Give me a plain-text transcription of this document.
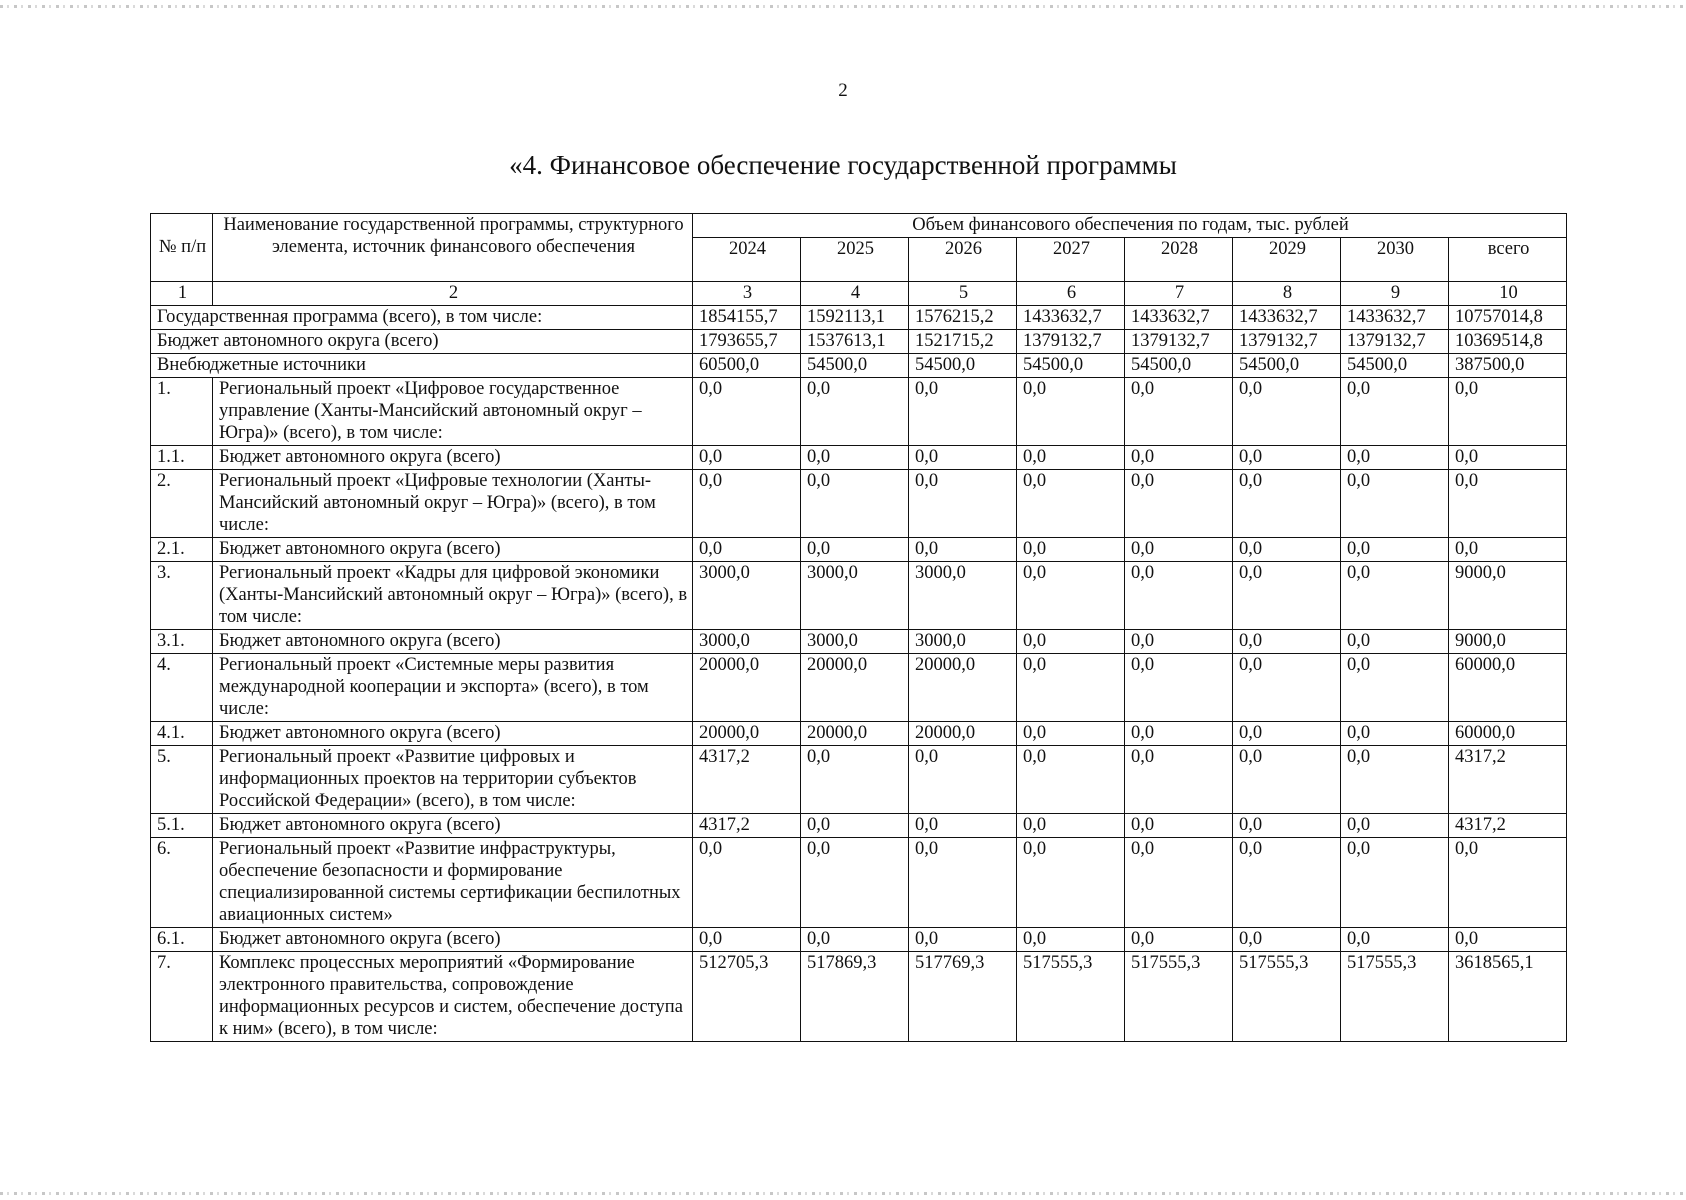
2
«4. Финансовое обеспечение государственной программы
№ п/п	Наименование государственной программы, структурного элемента, источник финансового обеспечения	Объем финансового обеспечения по годам, тыс. рублей							
		2024	2025	2026	2027	2028	2029	2030	всего
1	2	3	4	5	6	7	8	9	10
Государственная программа (всего), в том числе:		1854155,7	1592113,1	1576215,2	1433632,7	1433632,7	1433632,7	1433632,7	10757014,8
Бюджет автономного округа (всего)		1793655,7	1537613,1	1521715,2	1379132,7	1379132,7	1379132,7	1379132,7	10369514,8
Внебюджетные источники		60500,0	54500,0	54500,0	54500,0	54500,0	54500,0	54500,0	387500,0
1.	Региональный проект «Цифровое государственное управление (Ханты-Мансийский автономный округ – Югра)» (всего), в том числе:	0,0	0,0	0,0	0,0	0,0	0,0	0,0	0,0
1.1.	Бюджет автономного округа (всего)	0,0	0,0	0,0	0,0	0,0	0,0	0,0	0,0
2.	Региональный проект «Цифровые технологии (Ханты-Мансийский автономный округ – Югра)» (всего), в том числе:	0,0	0,0	0,0	0,0	0,0	0,0	0,0	0,0
2.1.	Бюджет автономного округа (всего)	0,0	0,0	0,0	0,0	0,0	0,0	0,0	0,0
3.	Региональный проект «Кадры для цифровой экономики (Ханты-Мансийский автономный округ – Югра)» (всего), в том числе:	3000,0	3000,0	3000,0	0,0	0,0	0,0	0,0	9000,0
3.1.	Бюджет автономного округа (всего)	3000,0	3000,0	3000,0	0,0	0,0	0,0	0,0	9000,0
4.	Региональный проект «Системные меры развития международной кооперации и экспорта» (всего), в том числе:	20000,0	20000,0	20000,0	0,0	0,0	0,0	0,0	60000,0
4.1.	Бюджет автономного округа (всего)	20000,0	20000,0	20000,0	0,0	0,0	0,0	0,0	60000,0
5.	Региональный проект «Развитие цифровых и информационных проектов на территории субъектов Российской Федерации» (всего), в том числе:	4317,2	0,0	0,0	0,0	0,0	0,0	0,0	4317,2
5.1.	Бюджет автономного округа (всего)	4317,2	0,0	0,0	0,0	0,0	0,0	0,0	4317,2
6.	Региональный проект «Развитие инфраструктуры, обеспечение безопасности и формирование специализированной системы сертификации беспилотных авиационных систем»	0,0	0,0	0,0	0,0	0,0	0,0	0,0	0,0
6.1.	Бюджет автономного округа (всего)	0,0	0,0	0,0	0,0	0,0	0,0	0,0	0,0
7.	Комплекс процессных мероприятий «Формирование электронного правительства, сопровождение информационных ресурсов и систем, обеспечение доступа к ним» (всего), в том числе:	512705,3	517869,3	517769,3	517555,3	517555,3	517555,3	517555,3	3618565,1
